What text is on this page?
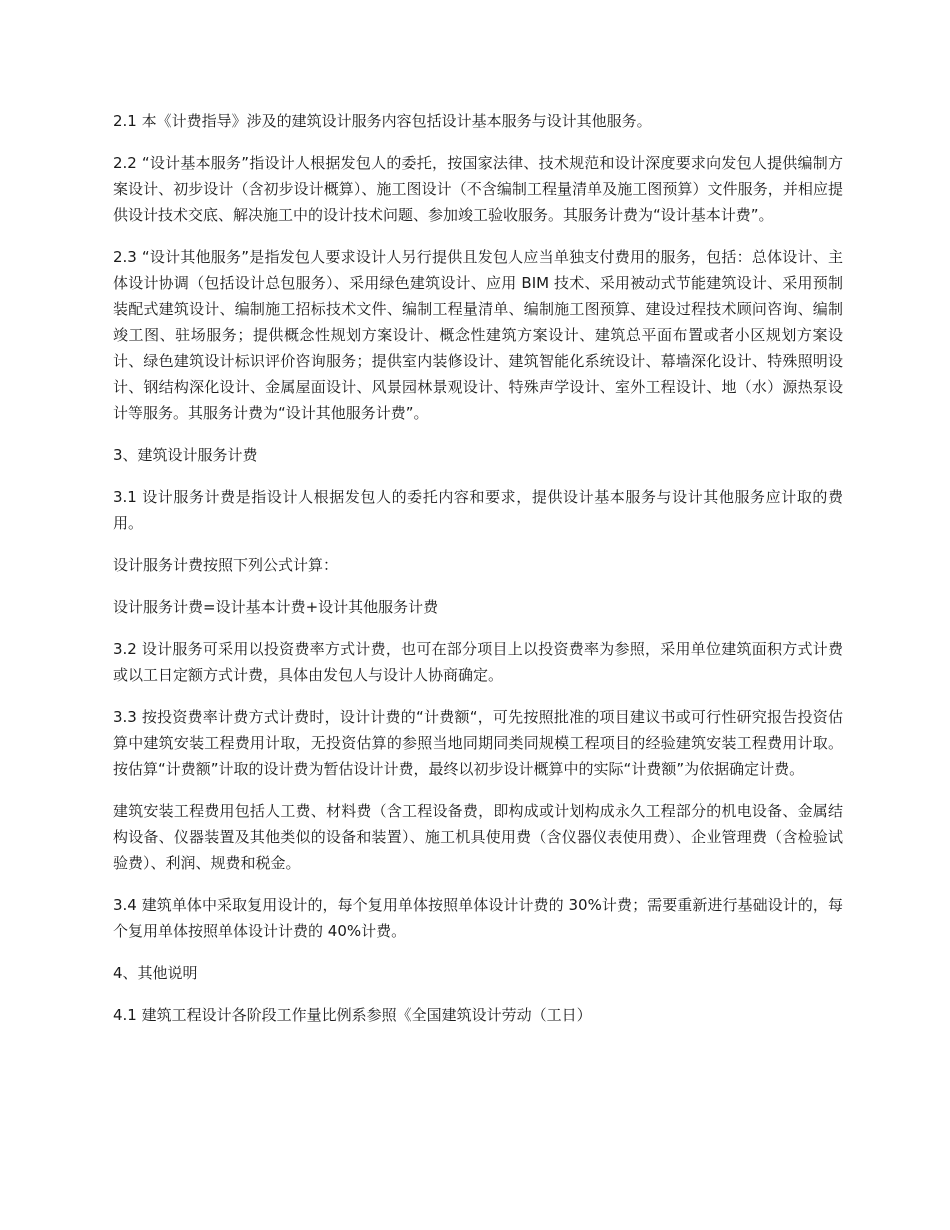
2.1 本《计费指导》涉及的建筑设计服务内容包括设计基本服务与设计其他服务。

2.2 “设计基本服务”指设计人根据发包人的委托，按国家法律、技术规范和设计深度要求向发包人提供编制方案设计、初步设计（含初步设计概算）、施工图设计（不含编制工程量清单及施工图预算）文件服务，并相应提供设计技术交底、解决施工中的设计技术问题、参加竣工验收服务。其服务计费为“设计基本计费”。

2.3 “设计其他服务”是指发包人要求设计人另行提供且发包人应当单独支付费用的服务，包括：总体设计、主体设计协调（包括设计总包服务）、采用绿色建筑设计、应用 BIM 技术、采用被动式节能建筑设计、采用预制装配式建筑设计、编制施工招标技术文件、编制工程量清单、编制施工图预算、建设过程技术顾问咨询、编制竣工图、驻场服务；提供概念性规划方案设计、概念性建筑方案设计、建筑总平面布置或者小区规划方案设计、绿色建筑设计标识评价咨询服务；提供室内装修设计、建筑智能化系统设计、幕墙深化设计、特殊照明设计、钢结构深化设计、金属屋面设计、风景园林景观设计、特殊声学设计、室外工程设计、地（水）源热泵设计等服务。其服务计费为“设计其他服务计费”。

3、建筑设计服务计费

3.1 设计服务计费是指设计人根据发包人的委托内容和要求，提供设计基本服务与设计其他服务应计取的费用。

设计服务计费按照下列公式计算：

设计服务计费=设计基本计费+设计其他服务计费

3.2 设计服务可采用以投资费率方式计费，也可在部分项目上以投资费率为参照，采用单位建筑面积方式计费或以工日定额方式计费，具体由发包人与设计人协商确定。

3.3 按投资费率计费方式计费时，设计计费的“计费额“，可先按照批准的项目建议书或可行性研究报告投资估算中建筑安装工程费用计取，无投资估算的参照当地同期同类同规模工程项目的经验建筑安装工程费用计取。按估算“计费额”计取的设计费为暂估设计计费，最终以初步设计概算中的实际“计费额”为依据确定计费。

建筑安装工程费用包括人工费、材料费（含工程设备费，即构成或计划构成永久工程部分的机电设备、金属结构设备、仪器装置及其他类似的设备和装置）、施工机具使用费（含仪器仪表使用费）、企业管理费（含检验试验费）、利润、规费和税金。

3.4 建筑单体中采取复用设计的，每个复用单体按照单体设计计费的 30%计费；需要重新进行基础设计的，每个复用单体按照单体设计计费的 40%计费。

4、其他说明

4.1 建筑工程设计各阶段工作量比例系参照《全国建筑设计劳动（工日）
